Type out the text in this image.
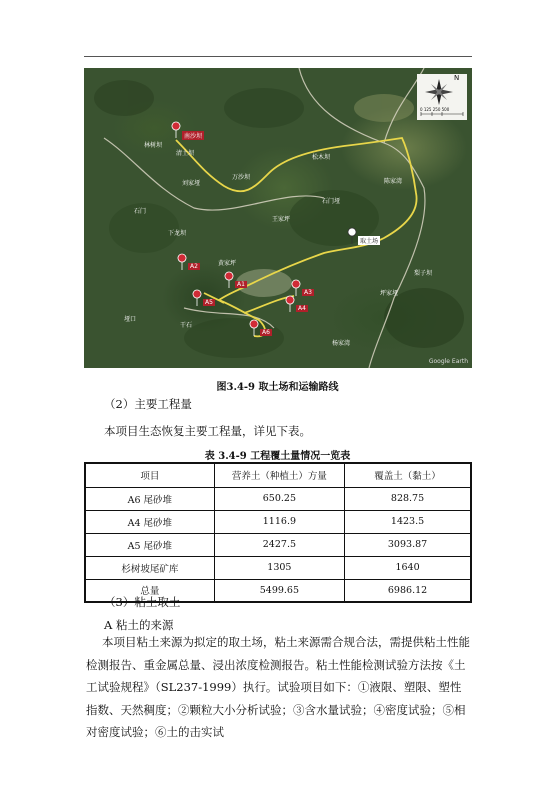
南沙坝
取土场
A2
A1
A3
A5
A4
A6
林树坝
清土坝
刘家垭
万沙坝
松木坝
石门垭
王家坪
下龙坝
黄家坪
石门
干石
陈家湾
坪家垭
杨家湾
梨子坝
垭口
N
0 125 250 500
Google Earth
图3.4-9 取土场和运输路线
（2）主要工程量
本项目生态恢复主要工程量，详见下表。
表 3.4-9 工程覆土量情况一览表
项目	营养土（种植土）方量	覆盖土（黏土）
A6 尾砂堆	650.25	828.75
A4 尾砂堆	1116.9	1423.5
A5 尾砂堆	2427.5	3093.87
杉树坡尾矿库	1305	1640
总量	5499.65	6986.12
（3）粘土取土
A 粘土的来源
本项目粘土来源为拟定的取土场，粘土来源需合规合法，需提供粘土性能检测报告、重金属总量、浸出浓度检测报告。粘土性能检测试验方法按《土工试验规程》（SL237-1999）执行。试验项目如下：①液限、塑限、塑性指数、天然稠度；②颗粒大小分析试验；③含水量试验；④密度试验；⑤相对密度试验；⑥土的击实试
